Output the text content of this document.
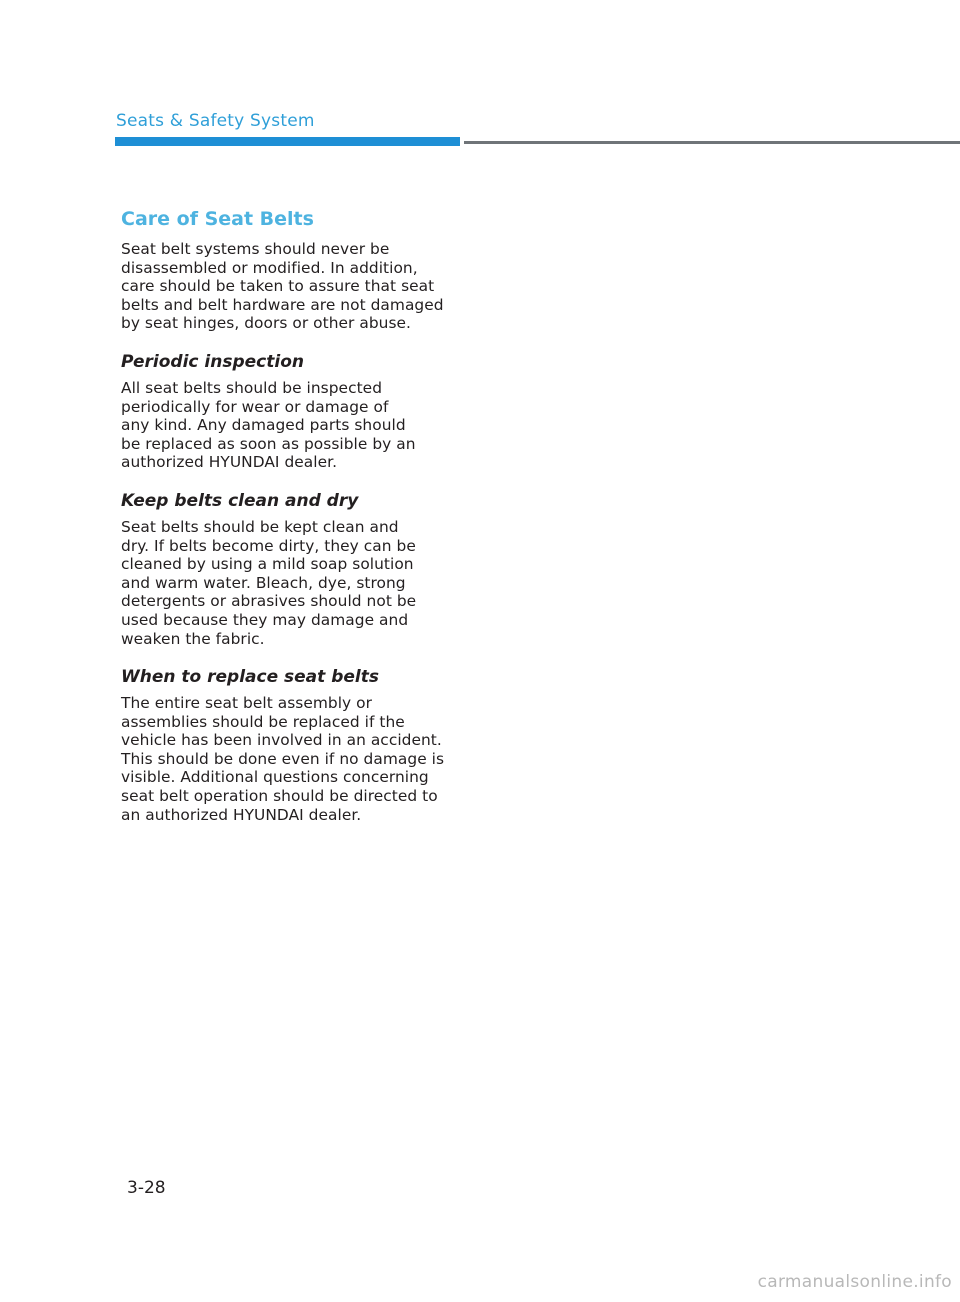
Seats & Safety System
Care of Seat Belts

Seat belt systems should never be
disassembled or modified. In addition,
care should be taken to assure that seat
belts and belt hardware are not damaged
by seat hinges, doors or other abuse.

Periodic inspection

All seat belts should be inspected
periodically for wear or damage of
any kind. Any damaged parts should
be replaced as soon as possible by an
authorized HYUNDAI dealer.

Keep belts clean and dry

Seat belts should be kept clean and
dry. If belts become dirty, they can be
cleaned by using a mild soap solution
and warm water. Bleach, dye, strong
detergents or abrasives should not be
used because they may damage and
weaken the fabric.

When to replace seat belts

The entire seat belt assembly or
assemblies should be replaced if the
vehicle has been involved in an accident.
This should be done even if no damage is
visible. Additional questions concerning
seat belt operation should be directed to
an authorized HYUNDAI dealer.

3-28
carmanualsonline.info
